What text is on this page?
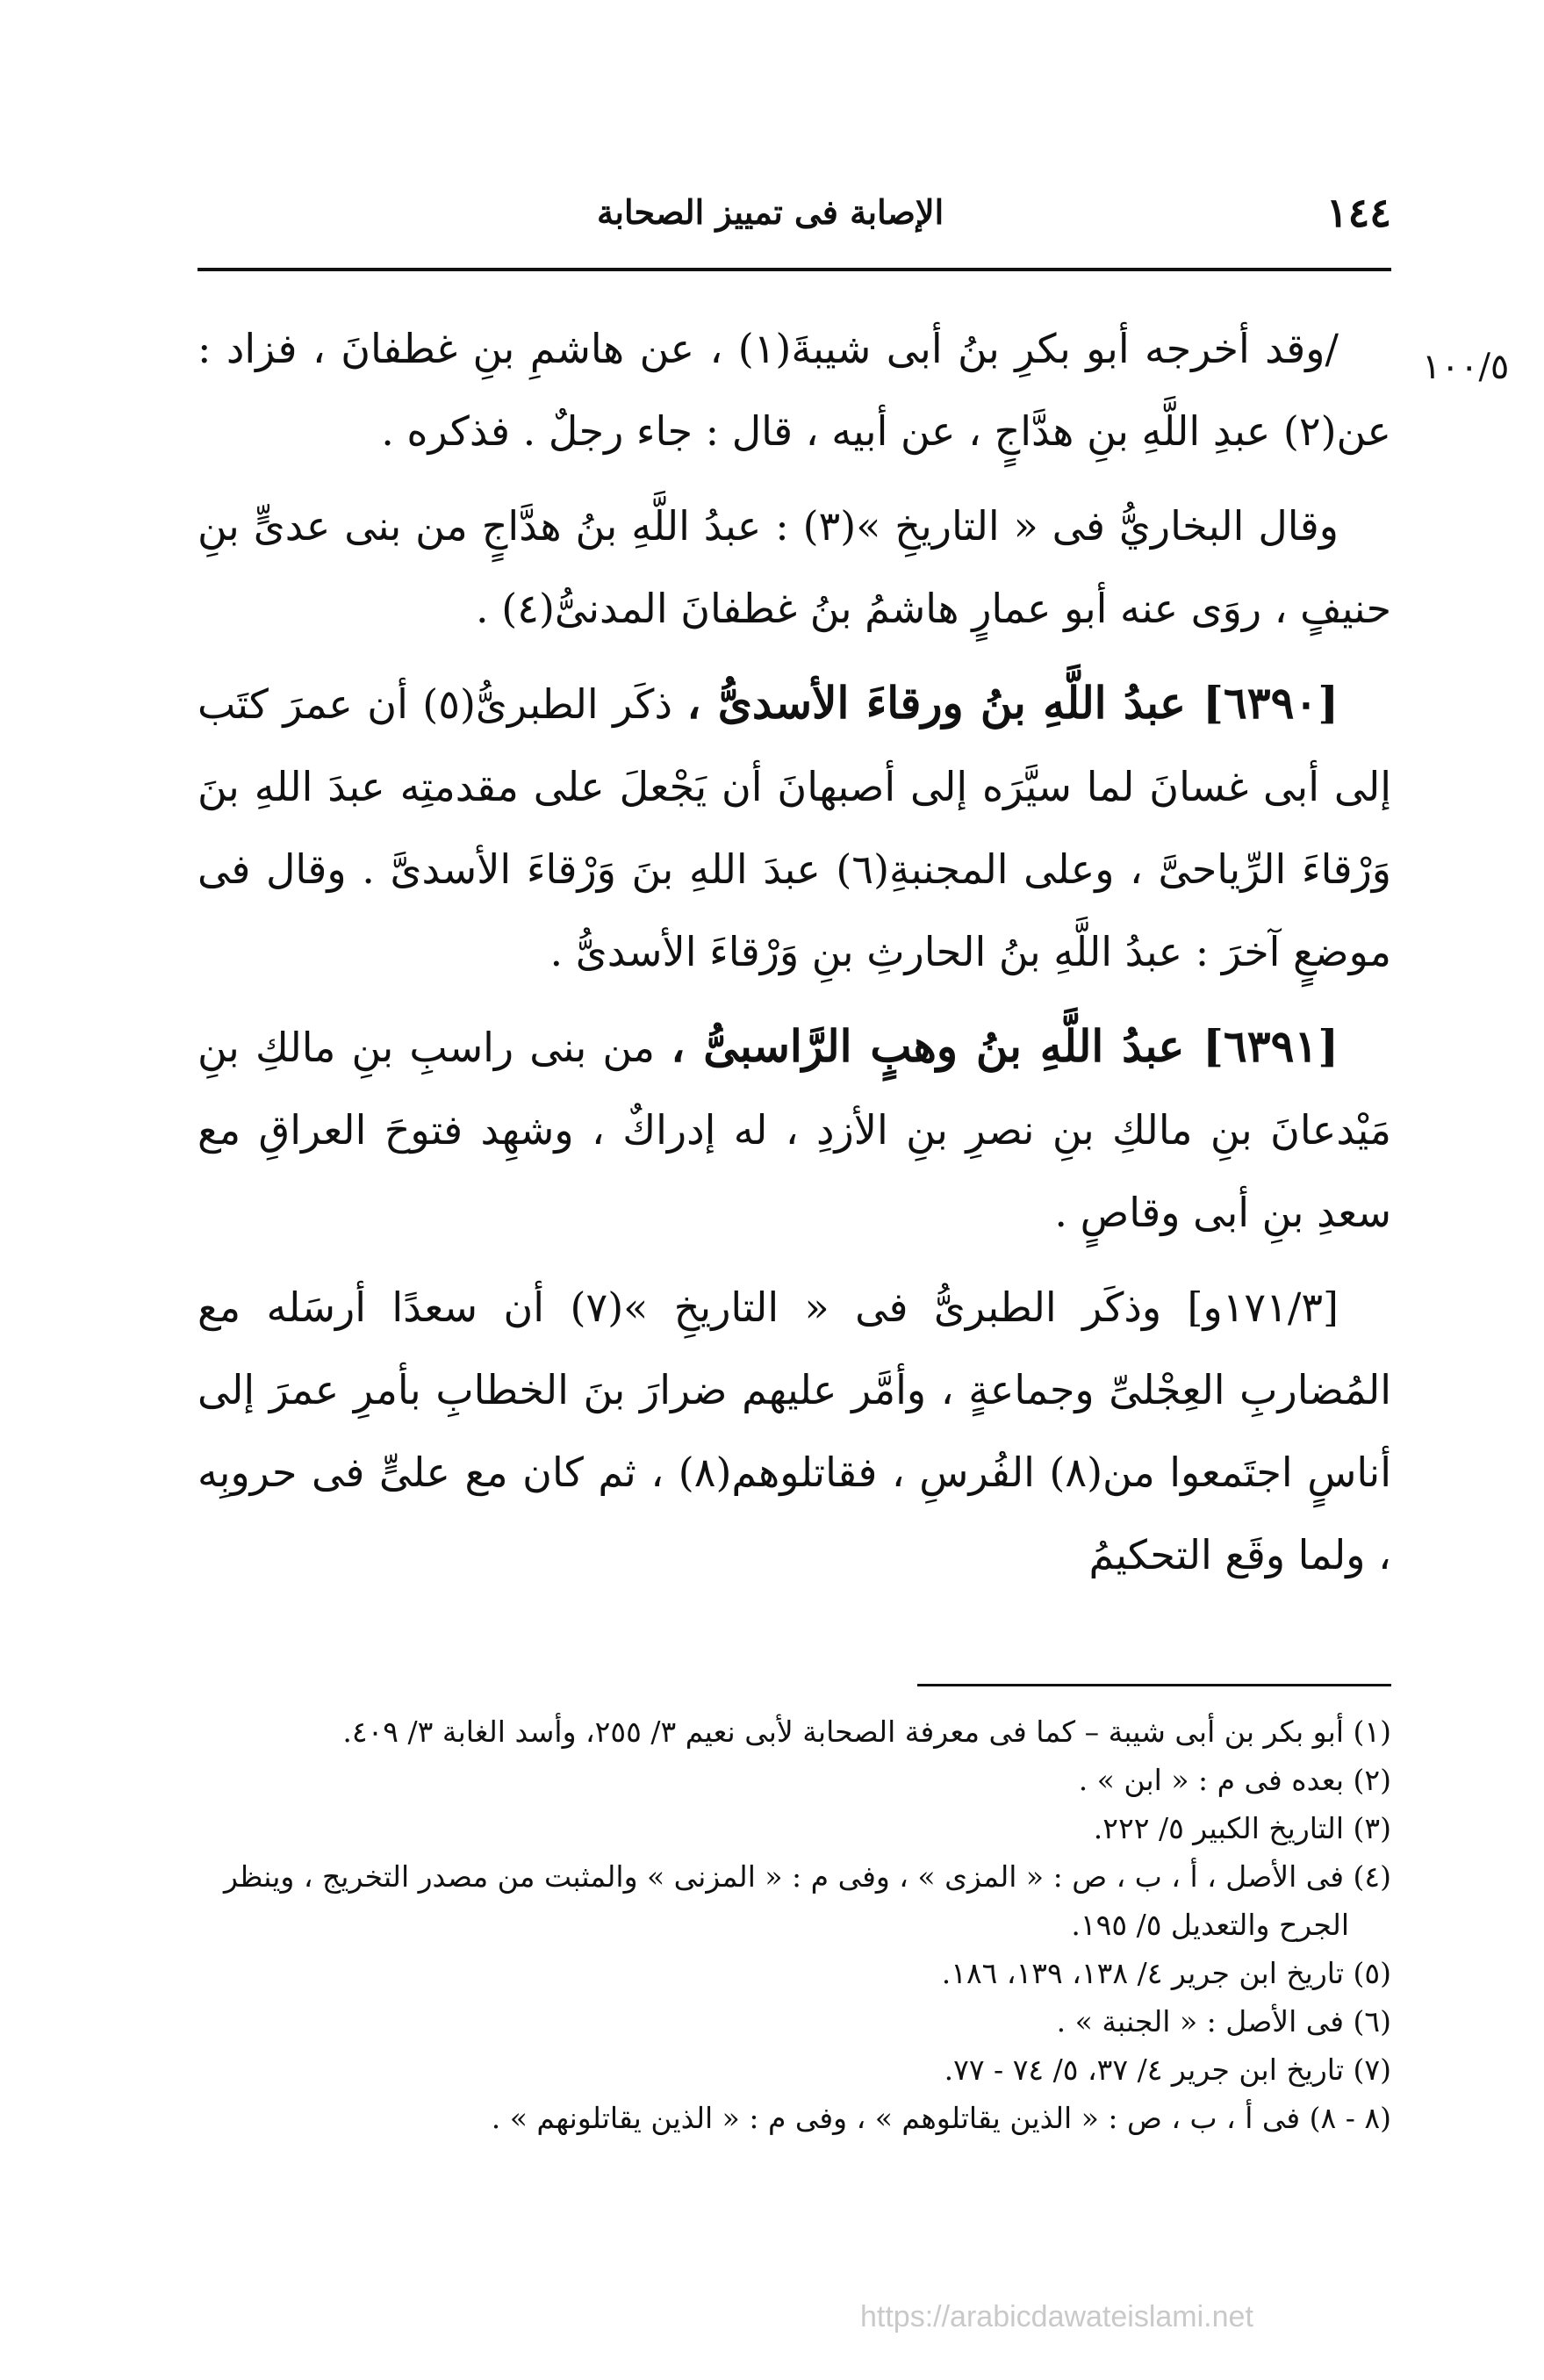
١٤٤
الإصابة فى تمييز الصحابة
١٠٠/٥

/وقد أخرجه أبو بكرِ بنُ أبى شيبةَ(١) ، عن هاشمِ بنِ غطفانَ ، فزاد : عن(٢) عبدِ اللَّهِ بنِ هدَّاجٍ ، عن أبيه ، قال : جاء رجلٌ . فذكره .

وقال البخاريُّ فى « التاريخِ »(٣) : عبدُ اللَّهِ بنُ هدَّاجٍ من بنى عدىٍّ بنِ حنيفٍ ، روَى عنه أبو عمارٍ هاشمُ بنُ غطفانَ المدنىُّ(٤) .

[٦٣٩٠] عبدُ اللَّهِ بنُ ورقاءَ الأسدىُّ ، ذكَر الطبرىُّ(٥) أن عمرَ كتَب إلى أبى غسانَ لما سيَّرَه إلى أصبهانَ أن يَجْعلَ على مقدمتِه عبدَ اللهِ بنَ وَرْقاءَ الرِّياحىَّ ، وعلى المجنبةِ(٦) عبدَ اللهِ بنَ وَرْقاءَ الأسدىَّ . وقال فى موضعٍ آخرَ : عبدُ اللَّهِ بنُ الحارثِ بنِ وَرْقاءَ الأسدىُّ .

[٦٣٩١] عبدُ اللَّهِ بنُ وهبٍ الرَّاسبىُّ ، من بنى راسبِ بنِ مالكِ بنِ مَيْدعانَ بنِ مالكِ بنِ نصرِ بنِ الأزدِ ، له إدراكٌ ، وشهِد فتوحَ العراقِ مع سعدِ بنِ أبى وقاصٍ .

[١٧١/٣و] وذكَر الطبرىُّ فى « التاريخِ »(٧) أن سعدًا أرسَله مع المُضاربِ العِجْلىِّ وجماعةٍ ، وأمَّر عليهم ضرارَ بنَ الخطابِ بأمرِ عمرَ إلى أناسٍ اجتَمعوا من(٨) الفُرسِ ، فقاتلوهم(٨) ، ثم كان مع علىٍّ فى حروبِه ، ولما وقَع التحكيمُ

(١) أبو بكر بن أبى شيبة – كما فى معرفة الصحابة لأبى نعيم ٣/ ٢٥٥، وأسد الغابة ٣/ ٤٠٩.

(٢) بعده فى م : « ابن » .

(٣) التاريخ الكبير ٥/ ٢٢٢.

(٤) فى الأصل ، أ ، ب ، ص : « المزى » ، وفى م : « المزنى » والمثبت من مصدر التخريج ، وينظر

الجرح والتعديل ٥/ ١٩٥.

(٥) تاريخ ابن جرير ٤/ ١٣٨، ١٣٩، ١٨٦.

(٦) فى الأصل : « الجنبة » .

(٧) تاريخ ابن جرير ٤/ ٣٧، ٥/ ٧٤ - ٧٧.

(٨ - ٨) فى أ ، ب ، ص : « الذين يقاتلوهم » ، وفى م : « الذين يقاتلونهم » .

https://arabicdawateislami.net
